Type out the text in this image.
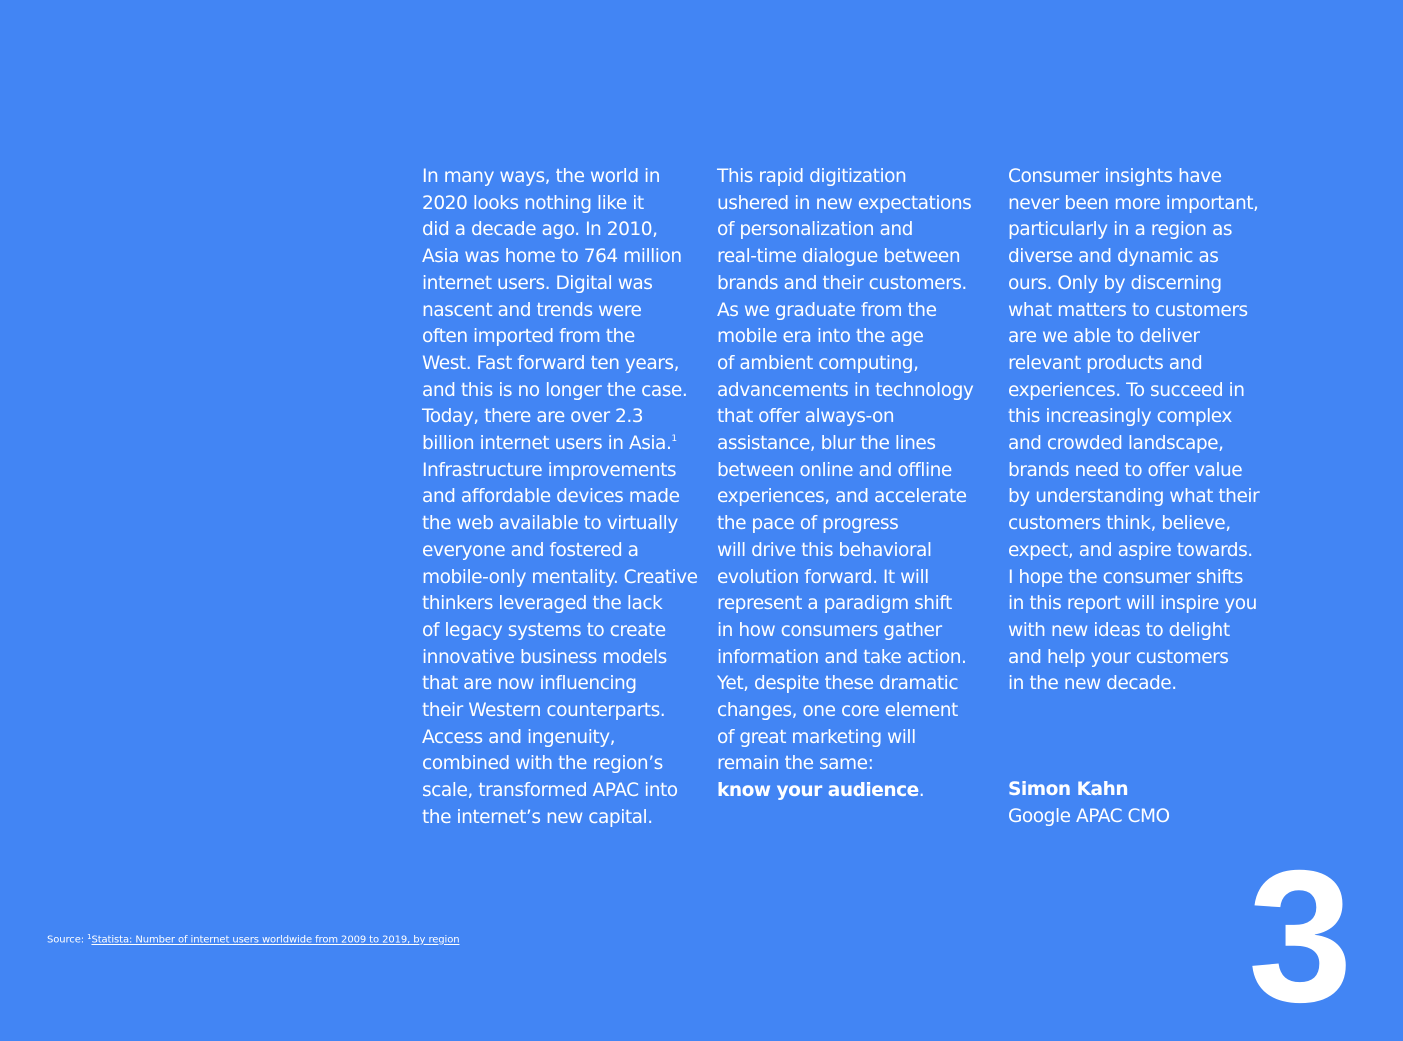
In many ways, the world in
2020 looks nothing like it
did a decade ago. In 2010,
Asia was home to 764 million
internet users. Digital was
nascent and trends were
often imported from the
West. Fast forward ten years,
and this is no longer the case.
Today, there are over 2.3
billion internet users in Asia.$^1$
Infrastructure improvements
and affordable devices made
the web available to virtually
everyone and fostered a
mobile-only mentality. Creative
thinkers leveraged the lack
of legacy systems to create
innovative business models
that are now influencing
their Western counterparts.
Access and ingenuity,
combined with the region’s
scale, transformed APAC into
the internet’s new capital.
This rapid digitization
ushered in new expectations
of personalization and
real-time dialogue between
brands and their customers.
As we graduate from the
mobile era into the age
of ambient computing,
advancements in technology
that offer always-on
assistance, blur the lines
between online and offline
experiences, and accelerate
the pace of progress
will drive this behavioral
evolution forward. It will
represent a paradigm shift
in how consumers gather
information and take action.
Yet, despite these dramatic
changes, one core element
of great marketing will
remain the same:
know your audience.
Consumer insights have
never been more important,
particularly in a region as
diverse and dynamic as
ours. Only by discerning
what matters to customers
are we able to deliver
relevant products and
experiences. To succeed in
this increasingly complex
and crowded landscape,
brands need to offer value
by understanding what their
customers think, believe,
expect, and aspire towards.
I hope the consumer shifts
in this report will inspire you
with new ideas to delight
and help your customers
in the new decade.
Simon Kahn
Google APAC CMO
Source: $^1$Statista: Number of internet users worldwide from 2009 to 2019, by region	3
